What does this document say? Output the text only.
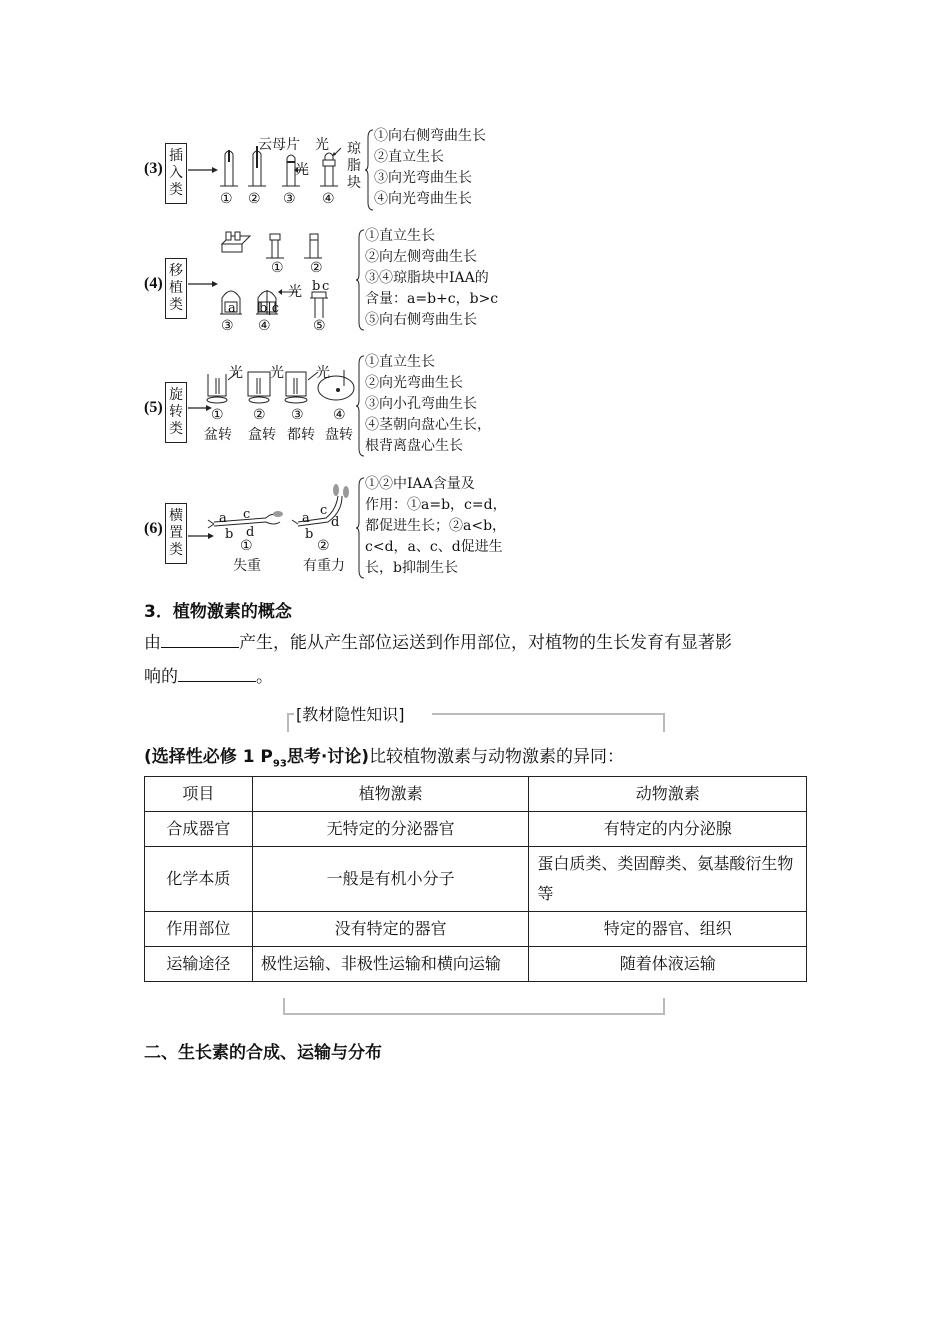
(3)
插入类
云母片
光
光 琼脂块
① ② ③ ④
①向右侧弯曲生长
②直立生长
③向光弯曲生长
④向光弯曲生长
(4)
移植类	a b|c
b c
光
① ②
③ ④	⑤
①直立生长
②向左侧弯曲生长
③④琼脂块中IAA的
含量：a=b+c，b>c
⑤向右侧弯曲生长
(5)
旋转类
光 光 光
① ② ③ ④
盆转 盒转 都转 盘转
①直立生长
②向光弯曲生长
③向小孔弯曲生长
④茎朝向盘心生长，
根背离盘心生长
(6)
横置类
a c
b d
a
c
b
d
①	②
失重	有重力
①②中IAA含量及
作用：①a=b，c=d，
都促进生长；②a<b，
c<d，a、c、d促进生
长，b抑制生长
3．植物激素的概念
由	产生，能从产生部位运送到作用部位，对植物的生长发育有显著影
响的	。
[教材隐性知识]
(选择性必修 1 $P_{93}$思考·讨论)比较植物激素与动物激素的异同：
项目	植物激素	动物激素
合成器官	无特定的分泌器官	有特定的内分泌腺
化学本质	一般是有机小分子	蛋白质类、类固醇类、氨基酸衍生物等
作用部位	没有特定的器官	特定的器官、组织
运输途径	极性运输、非极性运输和横向运输	随着体液运输
二、生长素的合成、运输与分布
